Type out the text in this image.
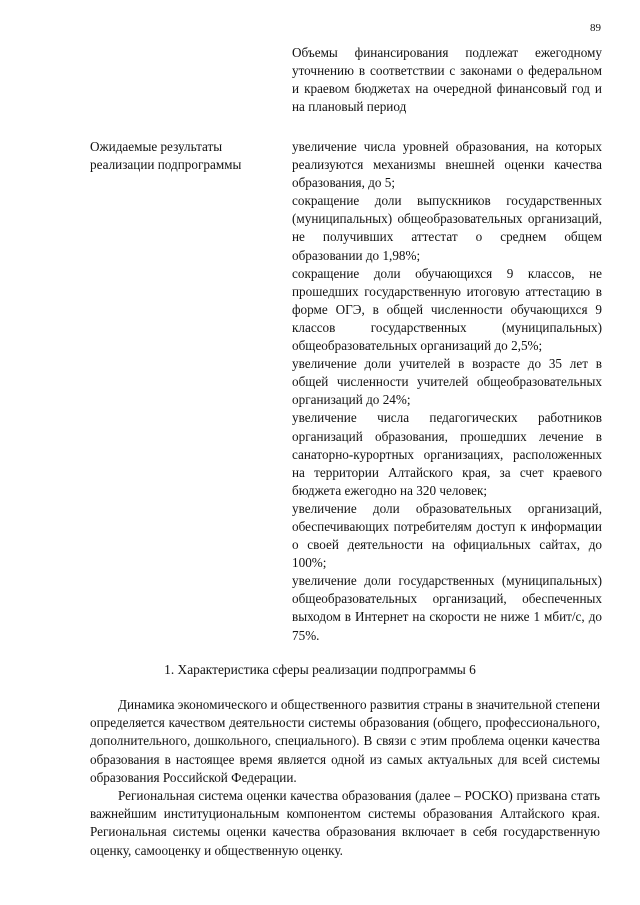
89
Объемы финансирования подлежат ежегодному уточнению в соответствии с законами о федеральном и краевом бюджетах на очередной финансовый год и на плановый период
Ожидаемые результаты реализации подпрограммы

увеличение числа уровней образования, на которых реализуются механизмы внешней оценки качества образования, до 5;

сокращение доли выпускников государственных (муниципальных) общеобразовательных организаций, не получивших аттестат о среднем общем образовании до 1,98%;

сокращение доли обучающихся 9 классов, не прошедших государственную итоговую аттестацию в форме ОГЭ, в общей численности обучающихся 9 классов государственных (муниципальных) общеобразовательных организаций до 2,5%;

увеличение доли учителей в возрасте до 35 лет в общей численности учителей общеобразовательных организаций до 24%;

увеличение числа педагогических работников организаций образования, прошедших лечение в санаторно-курортных организациях, расположенных на территории Алтайского края, за счет краевого бюджета ежегодно на 320 человек;

увеличение доли образовательных организаций, обеспечивающих потребителям доступ к информации о своей деятельности на официальных сайтах, до 100%;

увеличение доли государственных (муниципальных) общеобразовательных организаций, обеспеченных выходом в Интернет на скорости не ниже 1 мбит/с, до 75%.

1. Характеристика сферы реализации подпрограммы 6

Динамика экономического и общественного развития страны в значительной степени определяется качеством деятельности системы образования (общего, профессионального, дополнительного, дошкольного, специального). В связи с этим проблема оценки качества образования в настоящее время является одной из самых актуальных для всей системы образования Российской Федерации.

Региональная система оценки качества образования (далее – РОСКО) призвана стать важнейшим институциональным компонентом системы образования Алтайского края. Региональная системы оценки качества образования включает в себя государственную оценку, самооценку и общественную оценку.
